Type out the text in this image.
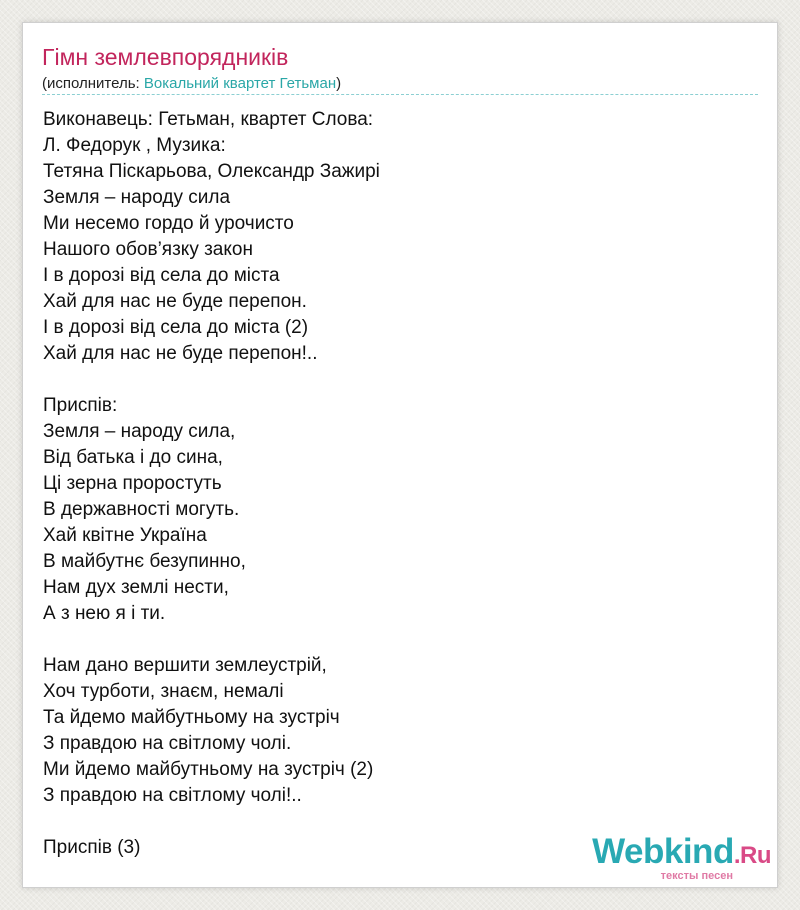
Гімн землевпорядників
(исполнитель: Вокальний квартет Гетьман)
Виконавець: Гетьман, квартет Слова:
Л. Федорук , Музика:
Тетяна Піскарьова, Олександр Зажирі
Земля – народу сила
Ми несемо гордо й урочисто
Нашого обов’язку закон
І в дорозі від села до міста
Хай для нас не буде перепон.
І в дорозі від села до міста (2)
Хай для нас не буде перепон!..
Приспів:
Земля – народу сила,
Від батька і до сина,
Ці зерна проростуть
В державності могуть.
Хай квітне Україна
В майбутнє безупинно,
Нам дух землі нести,
А з нею я і ти.
Нам дано вершити землеустрій,
Хоч турботи, знаєм, немалі
Та йдемо майбутньому на зустріч
З правдою на світлому чолі.
Ми йдемо майбутньому на зустріч (2)
З правдою на світлому чолі!..
Приспів (3)	Webkind.Ru
тексты песен
